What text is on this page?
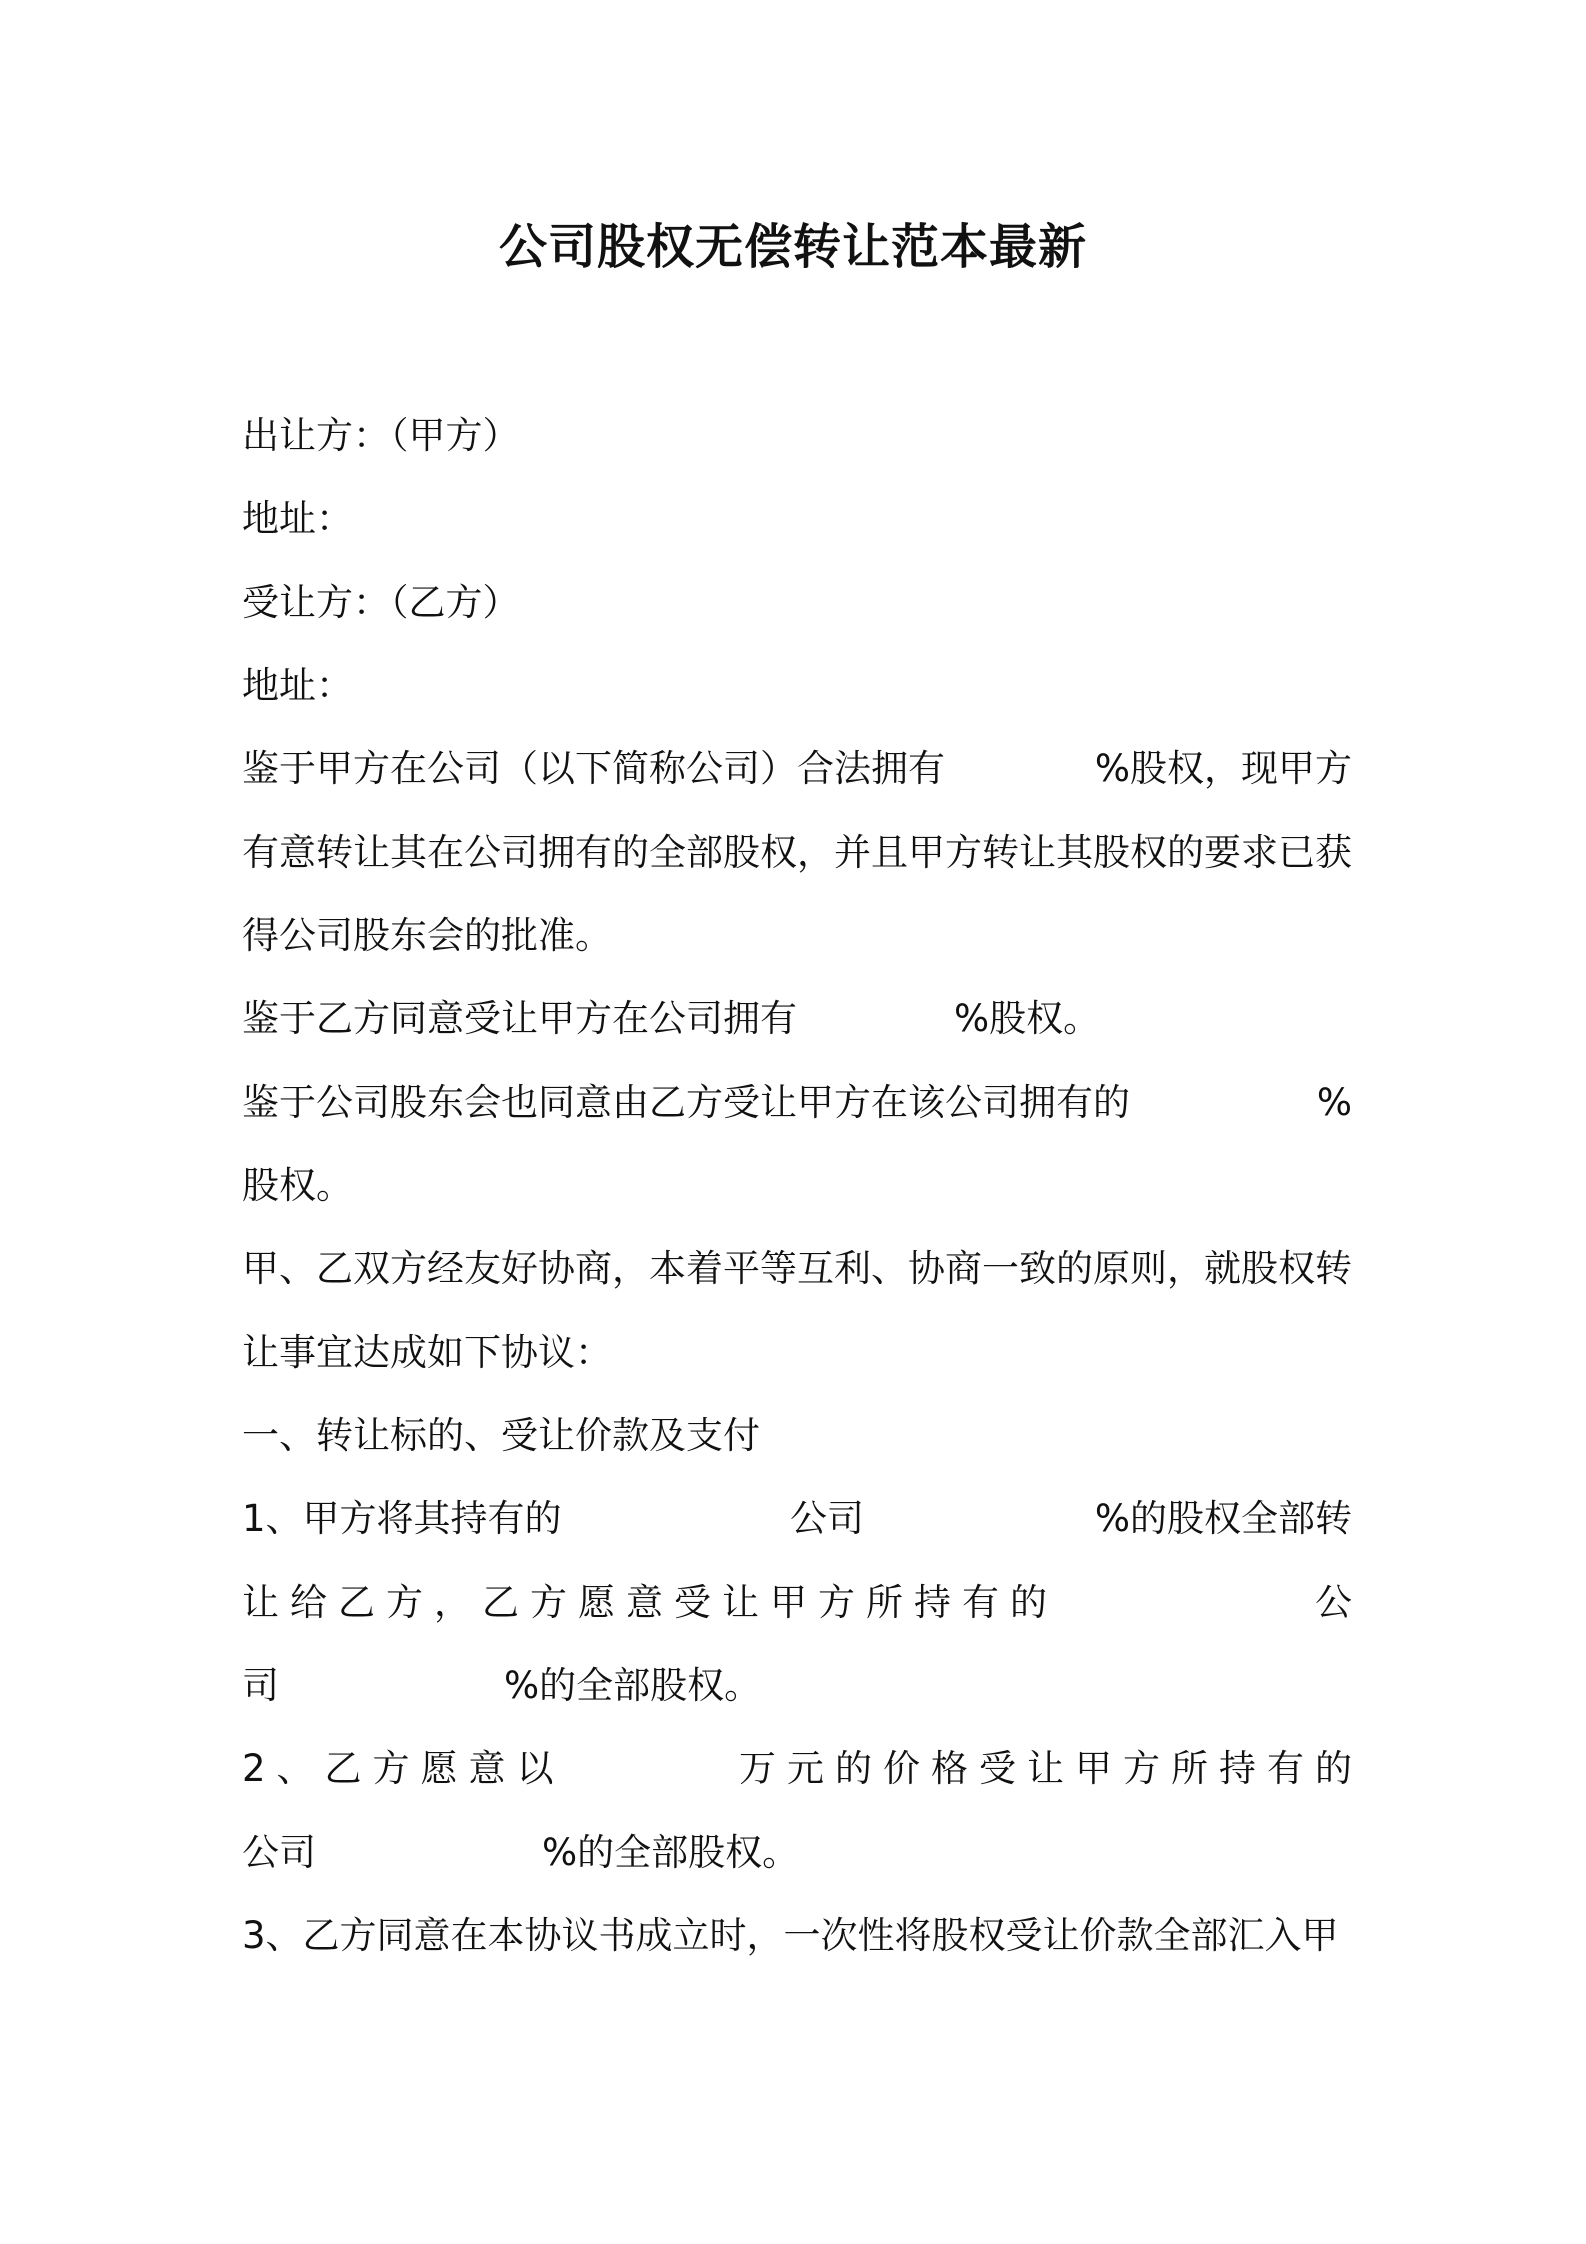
公司股权无偿转让范本最新
出让方：（甲方）
地址：
受让方：（乙方）
地址：
鉴于甲方在公司（以下简称公司）合法拥有	%股权，现甲方
有意转让其在公司拥有的全部股权，并且甲方转让其股权的要求已获
得公司股东会的批准。
鉴于乙方同意受让甲方在公司拥有	%股权。
鉴于公司股东会也同意由乙方受让甲方在该公司拥有的	%
股权。
甲、乙双方经友好协商，本着平等互利、协商一致的原则，就股权转
让事宜达成如下协议：
一、转让标的、受让价款及支付
1、甲方将其持有的	公司	%的股权全部转
让给乙方，乙方愿意受让甲方所持有的	公
司	%的全部股权。
2、乙方愿意以	万元的价格受让甲方所持有的
公司	%的全部股权。
3、乙方同意在本协议书成立时，一次性将股权受让价款全部汇入甲
